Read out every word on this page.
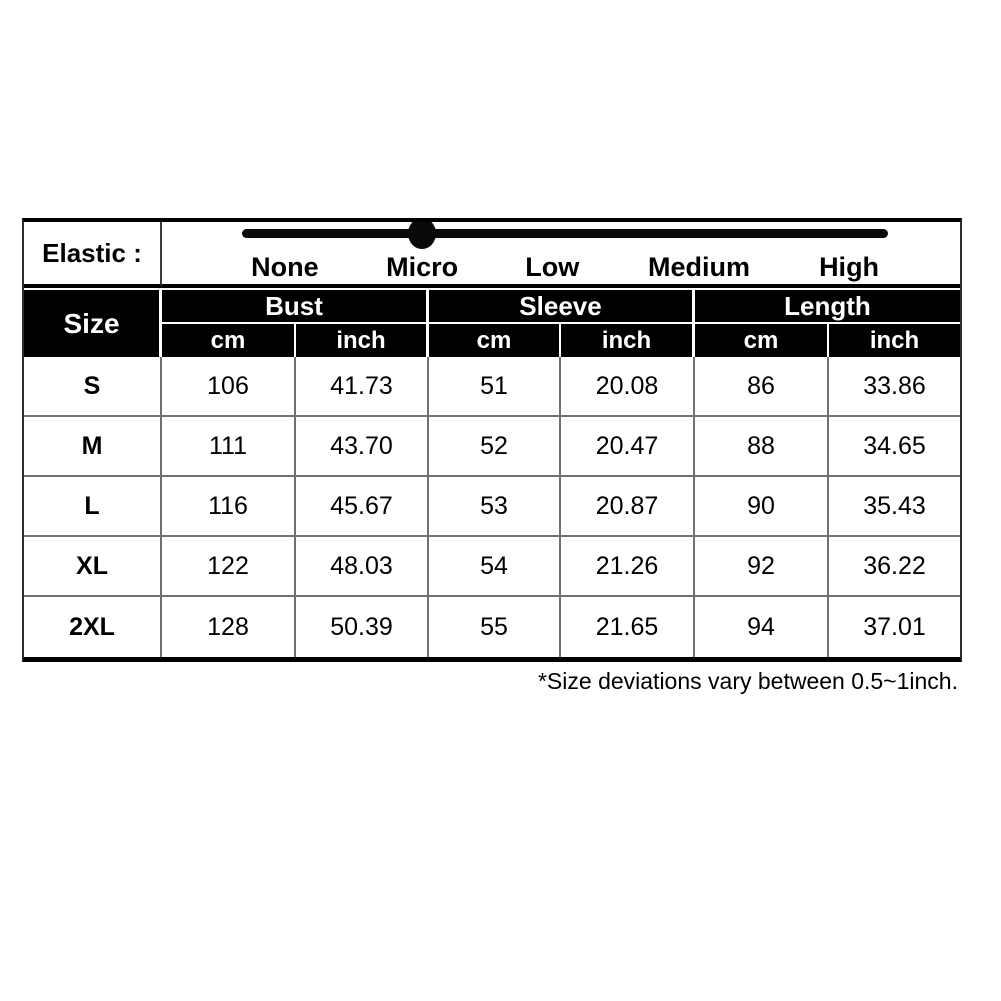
Elastic :	None Micro Low Medium High					

Size	Bust		Sleeve		Length	
	cm	inch	cm	inch	cm	inch
S	106	41.73	51	20.08	86	33.86
M	111	43.70	52	20.47	88	34.65
L	116	45.67	53	20.87	90	35.43
XL	122	48.03	54	21.26	92	36.22
2XL	128	50.39	55	21.65	94	37.01
*Size deviations vary between 0.5~1inch.
